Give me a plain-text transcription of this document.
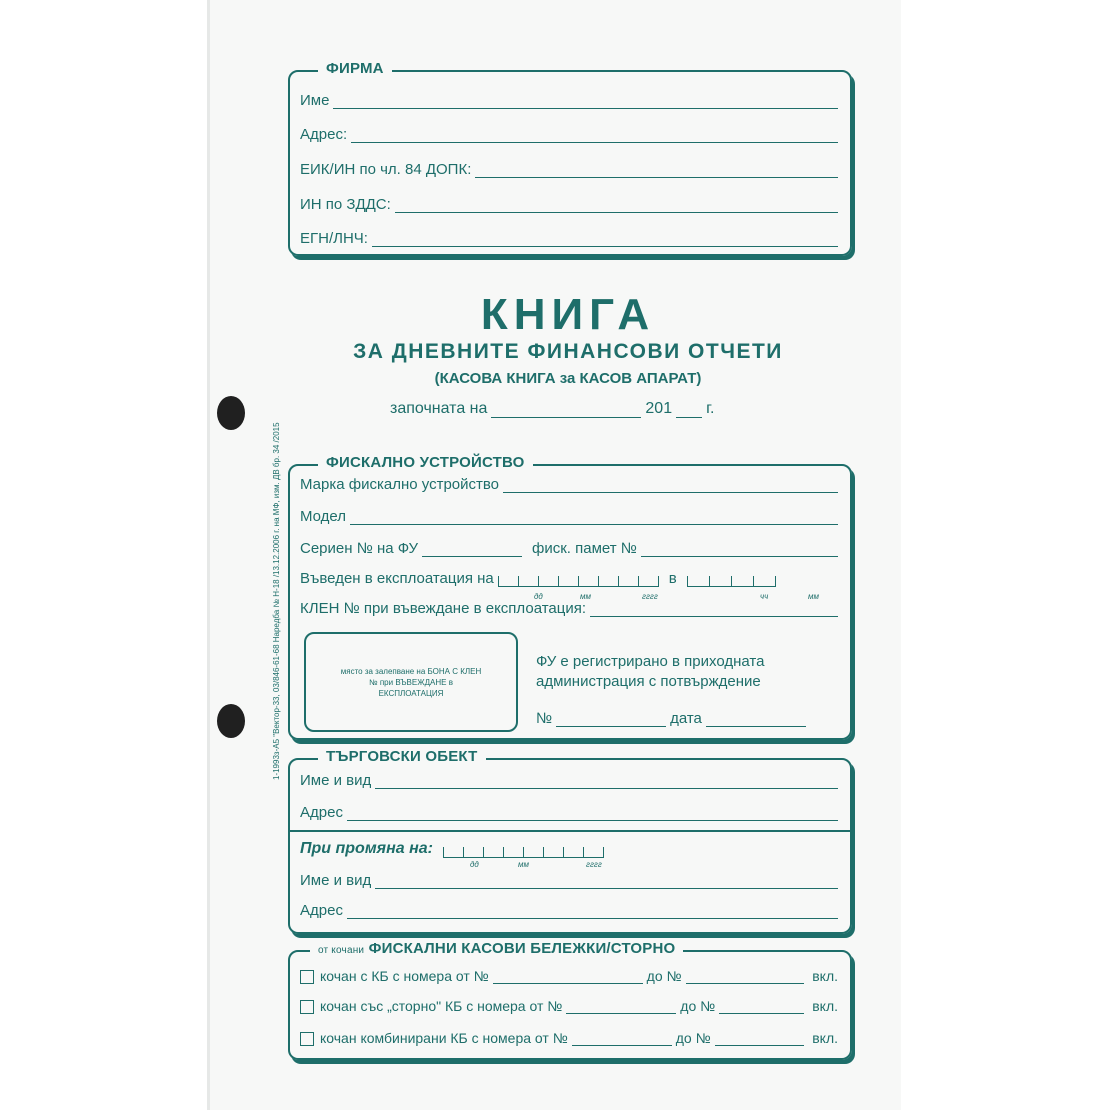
1-1993з-А5 "Вектор-33, 03/846-61-68 Наредба № Н-18 /13.12.2006 г. на МФ, изм. ДВ бр. 34 /2015
ФИРМА
Име
Адрес:
ЕИК/ИН по чл. 84 ДОПК:
ИН по ЗДДС:
ЕГН/ЛНЧ:
КНИГА
ЗА ДНЕВНИТЕ ФИНАНСОВИ ОТЧЕТИ
(КАСОВА КНИГА за КАСОВ АПАРАТ)
започната на	201 г.
ФИСКАЛНО УСТРОЙСТВО
Марка фискално устройство
Модел
Сериен № на ФУ	фиск. памет №
Въведен в експлоатация на	в
дд	мм	гггг	чч	мм
КЛЕН № при въвеждане в експлоатация:
място за залепване на БОНА С КЛЕН № при ВЪВЕЖДАНЕ в ЕКСПЛОАТАЦИЯ
ФУ е регистрирано в приходната
администрация с потвърждение
№	дата
ТЪРГОВСКИ ОБЕКТ
Име и вид
Адрес
При промяна на:
дд	мм	гггг
Име и вид
Адрес
от кочани ФИСКАЛНИ КАСОВИ БЕЛЕЖКИ/СТОРНО
кочан с КБ с номера от №	до №	вкл.
кочан със „сторно" КБ с номера от №	до №	вкл.
кочан комбинирани КБ с номера от №	до №	вкл.
